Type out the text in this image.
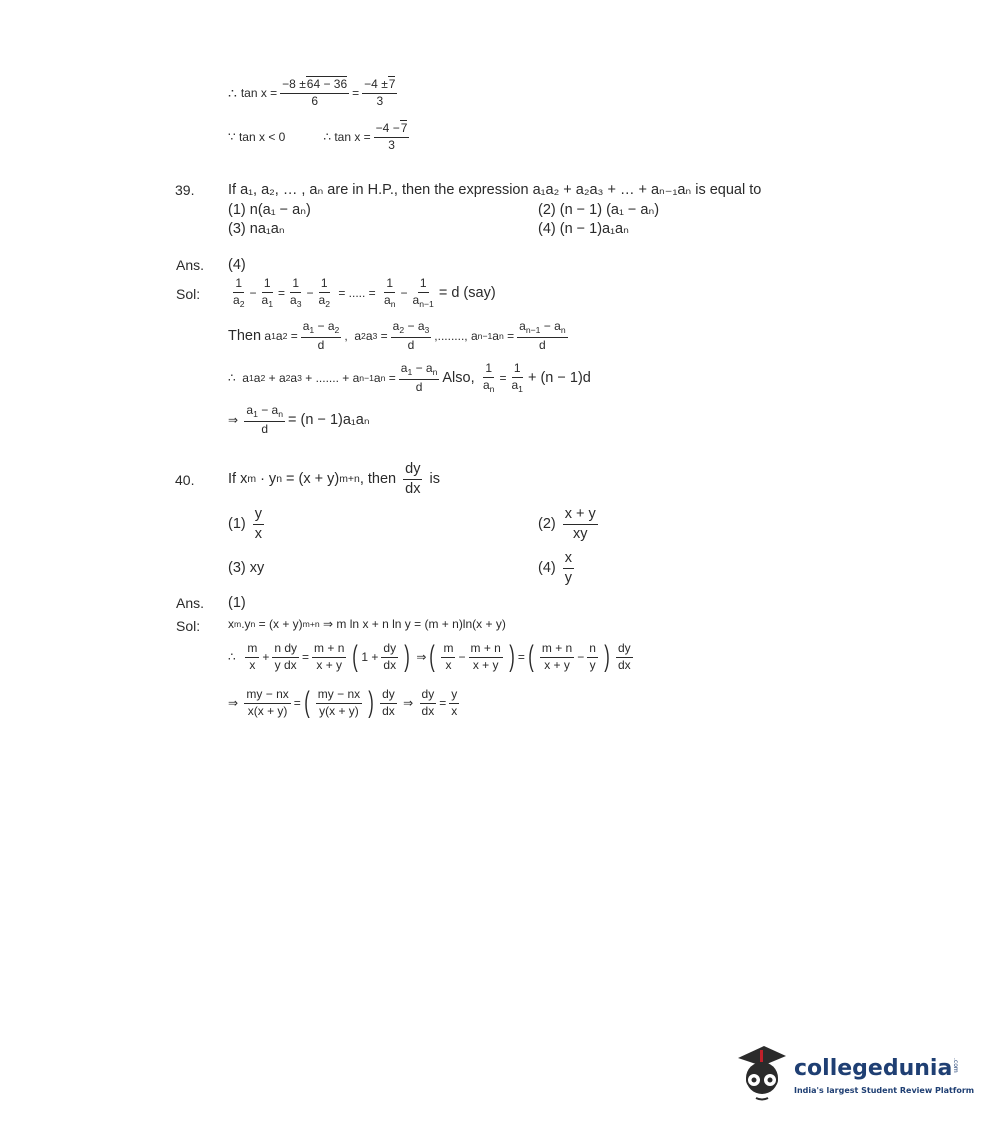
∴
$\tan x = \frac{-8 \pm 64 - 36}{6} = \frac{-4 \pm 7}{3}$
∵ tan x < 0	∴ $\tan x = \frac{-4 -7}{3}$
39. If a₁, a₂, … , aₙ are in H.P., then the expression a₁a₂ + a₂a₃ + … + aₙ₋₁aₙ is equal to
(1) n(a₁ − aₙ)	(2) (n − 1) (a₁ − aₙ)
(3) na₁aₙ	(4) (n − 1)a₁aₙ
Ans. (4)
Sol:	$\frac{1}{a_2} - \frac{1}{a_1} = \frac{1}{a_3} - \frac{1}{a_2}$ = ..... = $\frac{1}{a_n} - \frac{1}{a_{n-1}} = d$ (say)
Then a 1 a $2 = \frac{a_1 - a_2}{d}$ ,  a 2 a $3 = \frac{a_2 - a_3}{d}$ ,........, a n−1 a $n = \frac{a_{n-1} - a_n}{d}$
∴  a 1 a 2 + a 2 a 3 + ....... + a n−1 a $n = \frac{a_1 - a_n}{d}$ Also,
$\frac{1}{a_n} = \frac{1}{a_1} + (n - 1)d$
⇒ $\frac{a_1 - a_n}{d} = (n - 1)a_1a_n$
40. If x m
· y n
= (x + y) m+n , then
$\frac{dy}{dx}$
is
(1)
$\frac{y}{x}$	(2)
$\frac{x + y}{xy}$
(3) xy	(4)
$\frac{x}{y}$
Ans. (1)
Sol: x m .y n = (x + y) m+n
⇒ m ln x + n ln y = (m + n)ln(x + y)
∴ $\frac{m}{x} + \frac{\text{n dy}}{\text{y dx}} = \frac{m + n}{x + y}$ ( $1 + \frac{dy}{dx}$ ) ⇒ ( $\frac{m}{x} - \frac{m + n}{x + y}$ ) = ( $\frac{m + n}{x + y} - \frac{n}{y}$ ) $\frac{dy}{dx}$
⇒ $\frac{my - nx}{x(x + y)}$ = ( $\frac{my - nx}{y(x + y)}$ ) $\frac{dy}{dx}$ ⇒ $\frac{dy}{dx} = \frac{y}{x}$
collegedunia
India's largest Student Review Platform
.com
